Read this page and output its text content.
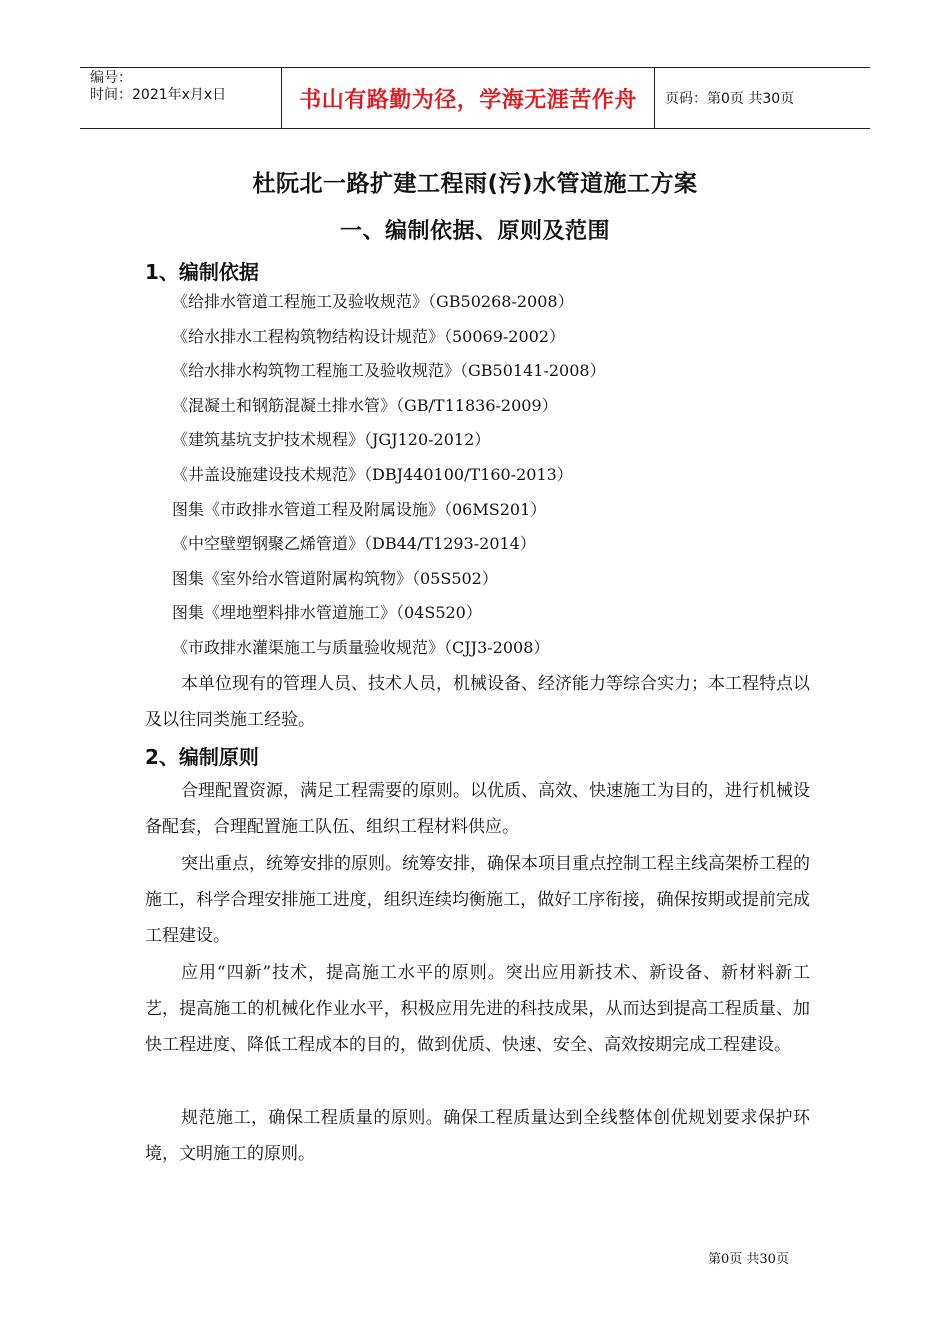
编号：
时间：2021年x月x日	书山有路勤为径，学海无涯苦作舟 页码：第0页 共30页
杜阮北一路扩建工程雨(污)水管道施工方案
一、编制依据、原则及范围
1、编制依据
《给排水管道工程施工及验收规范》（GB50268-2008）
《给水排水工程构筑物结构设计规范》（50069-2002）
《给水排水构筑物工程施工及验收规范》（GB50141-2008）
《混凝土和钢筋混凝土排水管》（GB/T11836-2009）
《建筑基坑支护技术规程》（JGJ120-2012）
《井盖设施建设技术规范》（DBJ440100/T160-2013）
图集《市政排水管道工程及附属设施》（06MS201）
《中空壁塑钢聚乙烯管道》（DB44/T1293-2014）
图集《室外给水管道附属构筑物》（05S502）
图集《埋地塑料排水管道施工》（04S520）
《市政排水灌渠施工与质量验收规范》（CJJ3-2008）

本单位现有的管理人员、技术人员，机械设备、经济能力等综合实力；本工程特点以及以往同类施工经验。

2、编制原则

合理配置资源，满足工程需要的原则。以优质、高效、快速施工为目的，进行机械设备配套，合理配置施工队伍、组织工程材料供应。

突出重点，统筹安排的原则。统筹安排，确保本项目重点控制工程主线高架桥工程的施工，科学合理安排施工进度，组织连续均衡施工，做好工序衔接，确保按期或提前完成工程建设。

应用“四新”技术，提高施工水平的原则。突出应用新技术、新设备、新材料新工艺，提高施工的机械化作业水平，积极应用先进的科技成果，从而达到提高工程质量、加快工程进度、降低工程成本的目的，做到优质、快速、安全、高效按期完成工程建设。

规范施工，确保工程质量的原则。确保工程质量达到全线整体创优规划要求保护环境，文明施工的原则。

第0页 共30页
